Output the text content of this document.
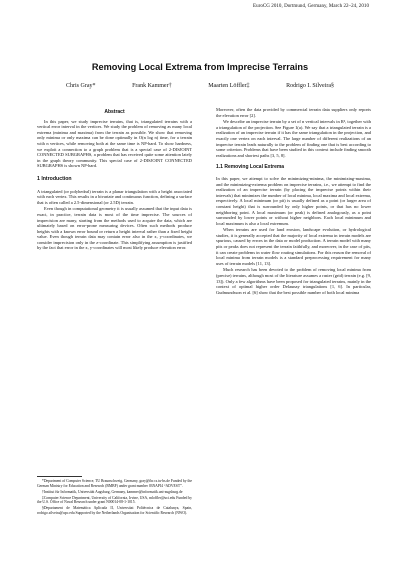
EuroCG 2010, Dortmund, Germany, March 22–24, 2010
Removing Local Extrema from Imprecise Terrains
Chris Gray*	Frank Kammer†	Maarten Löffler‡	Rodrigo I. Silveira§
Abstract

In this paper, we study imprecise terrains, that is, triangulated terrains with a vertical error interval in the vertices. We study the problem of removing as many local extrema (minima and maxima) from the terrain as possible. We show that removing only minima or only maxima can be done optimally in O(n log n) time, for a terrain with n vertices, while removing both at the same time is NP-hard. To show hardness, we exploit a connection to a graph problem that is a special case of 2-DISJOINT CONNECTED SUBGRAPHS, a problem that has received quite some attention lately in the graph theory community. This special case of 2-DISJOINT CONNECTED SUBGRAPHS is shown NP-hard.

1 Introduction

A triangulated (or polyhedral) terrain is a planar triangulation with a height associated with each vertex. This results in a bivariate and continuous function, defining a surface that is often called a 2.5-dimensional (or 2.5D) terrain.

Even though in computational geometry it is usually assumed that the input data is exact, in practice, terrain data is most of the time imprecise. The sources of imprecision are many, starting from the methods used to acquire the data, which are ultimately based on error-prone measuring devices. Often such methods produce heights with a known error bound or return a height interval rather than a fixed height value. Even though terrain data may contain error also in the x, y-coordinates, we consider imprecision only in the z-coordinate. This simplifying assumption is justified by the fact that error in the x, y-coordinates will most likely produce elevation error.

*Department of Computer Science, TU Braunschweig, Germany, gray@ibr.cs.tu-bs.de Funded by the German Ministry for Education and Research (BMBF) under grant number 03NAPI4 “ADVEST”.

†Institut für Informatik, Universität Augsburg, Germany, kammer@informatik.uni-augsburg.de

‡Computer Science Department, University of California, Irvine, USA, mloffler@uci.edu Funded by the U.S. Office of Naval Research under grant N00014-08-1-1015.

§Departament de Matemàtica Aplicada II, Universitat Politècnica de Catalunya, Spain, rodrigo.silveira@upc.edu Supported by the Netherlands Organisation for Scientific Research (NWO).

Moreover, often the data provided by commercial terrain data suppliers only reports the elevation error [2].

We describe an imprecise terrain by a set of n vertical intervals in R³, together with a triangulation of the projection. See Figure 1(a). We say that a triangulated terrain is a realization of an imprecise terrain if it has the same triangulation in the projection, and exactly one vertex on each interval. The large number of different realizations of an imprecise terrain leads naturally to the problem of finding one that is best according to some criterion. Problems that have been studied in this context include finding smooth realizations and shortest paths [3, 5, 8].

1.1 Removing Local Extrema

In this paper, we attempt to solve the minimizing-minima, the minimizing-maxima, and the minimizing-extrema problem on imprecise terrains, i.e., we attempt to find the realization of an imprecise terrain (by placing the imprecise points within their intervals) that minimizes the number of local minima, local maxima and local extrema, respectively. A local minimum (or pit) is usually defined as a point (or larger area of constant height) that is surrounded by only higher points, or that has no lower neighboring point. A local maximum (or peak) is defined analogously, as a point surrounded by lower points or without higher neighbors. Each local minimum and local maximum is also a local extremum.

When terrains are used for land erosion, landscape evolution, or hydrological studies, it is generally accepted that the majority of local extrema in terrain models are spurious, caused by errors in the data or model production. A terrain model with many pits or peaks does not represent the terrain faithfully, and moreover, in the case of pits, it can create problems in water flow routing simulations. For this reason the removal of local minima from terrain models is a standard preprocessing requirement for many uses of terrain models [11, 13].

Much research has been devoted to the problem of removing local minima from (precise) terrains, although most of the literature assumes a raster (grid) terrain (e.g. [9, 13]). Only a few algorithms have been proposed for triangulated terrains, mainly in the context of optimal higher order Delaunay triangulations [1, 6]. In particular, Gudmundsson et al. [6] show that the best possible number of both local minima
